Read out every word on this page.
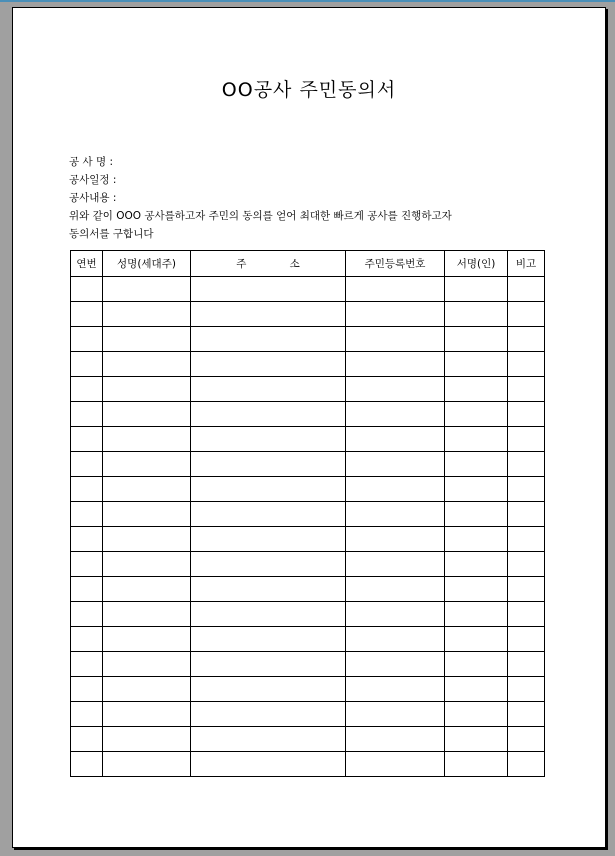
OO공사 주민동의서
공 사 명 :
공사일정 :
공사내용 :
위와 같이 OOO 공사를하고자 주민의 동의를 얻어 최대한 빠르게 공사를 진행하고자
동의서를 구합니다
연번	성명(세대주)	주 소	주민등록번호	서명(인)	비고
